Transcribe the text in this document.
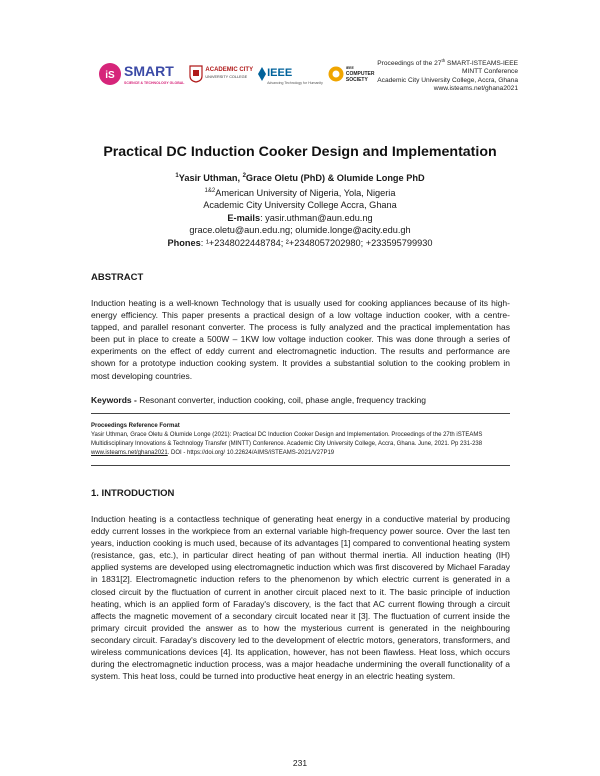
iS SMART
SCIENCE & TECHNOLOGY GLOBAL
ACADEMIC CITY
UNIVERSITY COLLEGE	IEEE
Advancing Technology for Humanity
IEEE
COMPUTER
SOCIETY
Proceedings of the 27th SMART-ISTEAMS-IEEE
MINTT Conference
Academic City University College, Accra, Ghana
www.isteams.net/ghana2021
Practical DC Induction Cooker Design and Implementation
$^1$Yasir Uthman, $^2$Grace Oletu (PhD) & Olumide Longe PhD
$^{1\&2}$American University of Nigeria, Yola, Nigeria
Academic City University College Accra, Ghana
E-mails: yasir.uthman@aun.edu.ng
grace.oletu@aun.edu.ng; olumide.longe@acity.edu.gh
Phones: ¹+2348022448784; ²+2348057202980; +233595799930
ABSTRACT
Induction heating is a well-known Technology that is usually used for cooking appliances because of its high-energy efficiency. This paper presents a practical design of a low voltage induction cooker, with a centre-tapped, and parallel resonant converter. The process is fully analyzed and the practical implementation has been put in place to create a 500W – 1KW low voltage induction cooker. This was done through a series of experiments on the effect of eddy current and electromagnetic induction. The results and performance are shown for a prototype induction cooking system. It provides a substantial solution to the cooking problem in most developing countries.
Keywords - Resonant converter, induction cooking, coil, phase angle, frequency tracking
Proceedings Reference Format
Yasir Uthman, Grace Oletu & Olumide Longe (2021): Practical DC Induction Cooker Design and Implementation. Proceedings of the 27th iSTEAMS Multidisciplinary Innovations & Technology Transfer (MINTT) Conference. Academic City University College, Accra, Ghana. June, 2021. Pp 231-238 www.isteams.net/ghana2021. DOI - https://doi.org/ 10.22624/AIMS/iSTEAMS-2021/V27P19
1. INTRODUCTION
Induction heating is a contactless technique of generating heat energy in a conductive material by producing eddy current losses in the workpiece from an external variable high-frequency power source. Over the last ten years, induction cooking is much used, because of its advantages [1] compared to conventional heating system (resistance, gas, etc.), in particular direct heating of pan without thermal inertia. All induction heating (IH) applied systems are developed using electromagnetic induction which was first discovered by Michael Faraday in 1831[2]. Electromagnetic induction refers to the phenomenon by which electric current is generated in a closed circuit by the fluctuation of current in another circuit placed next to it. The basic principle of induction heating, which is an applied form of Faraday's discovery, is the fact that AC current flowing through a circuit affects the magnetic movement of a secondary circuit located near it [3]. The fluctuation of current inside the primary circuit provided the answer as to how the mysterious current is generated in the neighbouring secondary circuit. Faraday's discovery led to the development of electric motors, generators, transformers, and wireless communications devices [4]. Its application, however, has not been flawless. Heat loss, which occurs during the electromagnetic induction process, was a major headache undermining the overall functionality of a system. This heat loss, could be turned into productive heat energy in an electric heating system.
231
